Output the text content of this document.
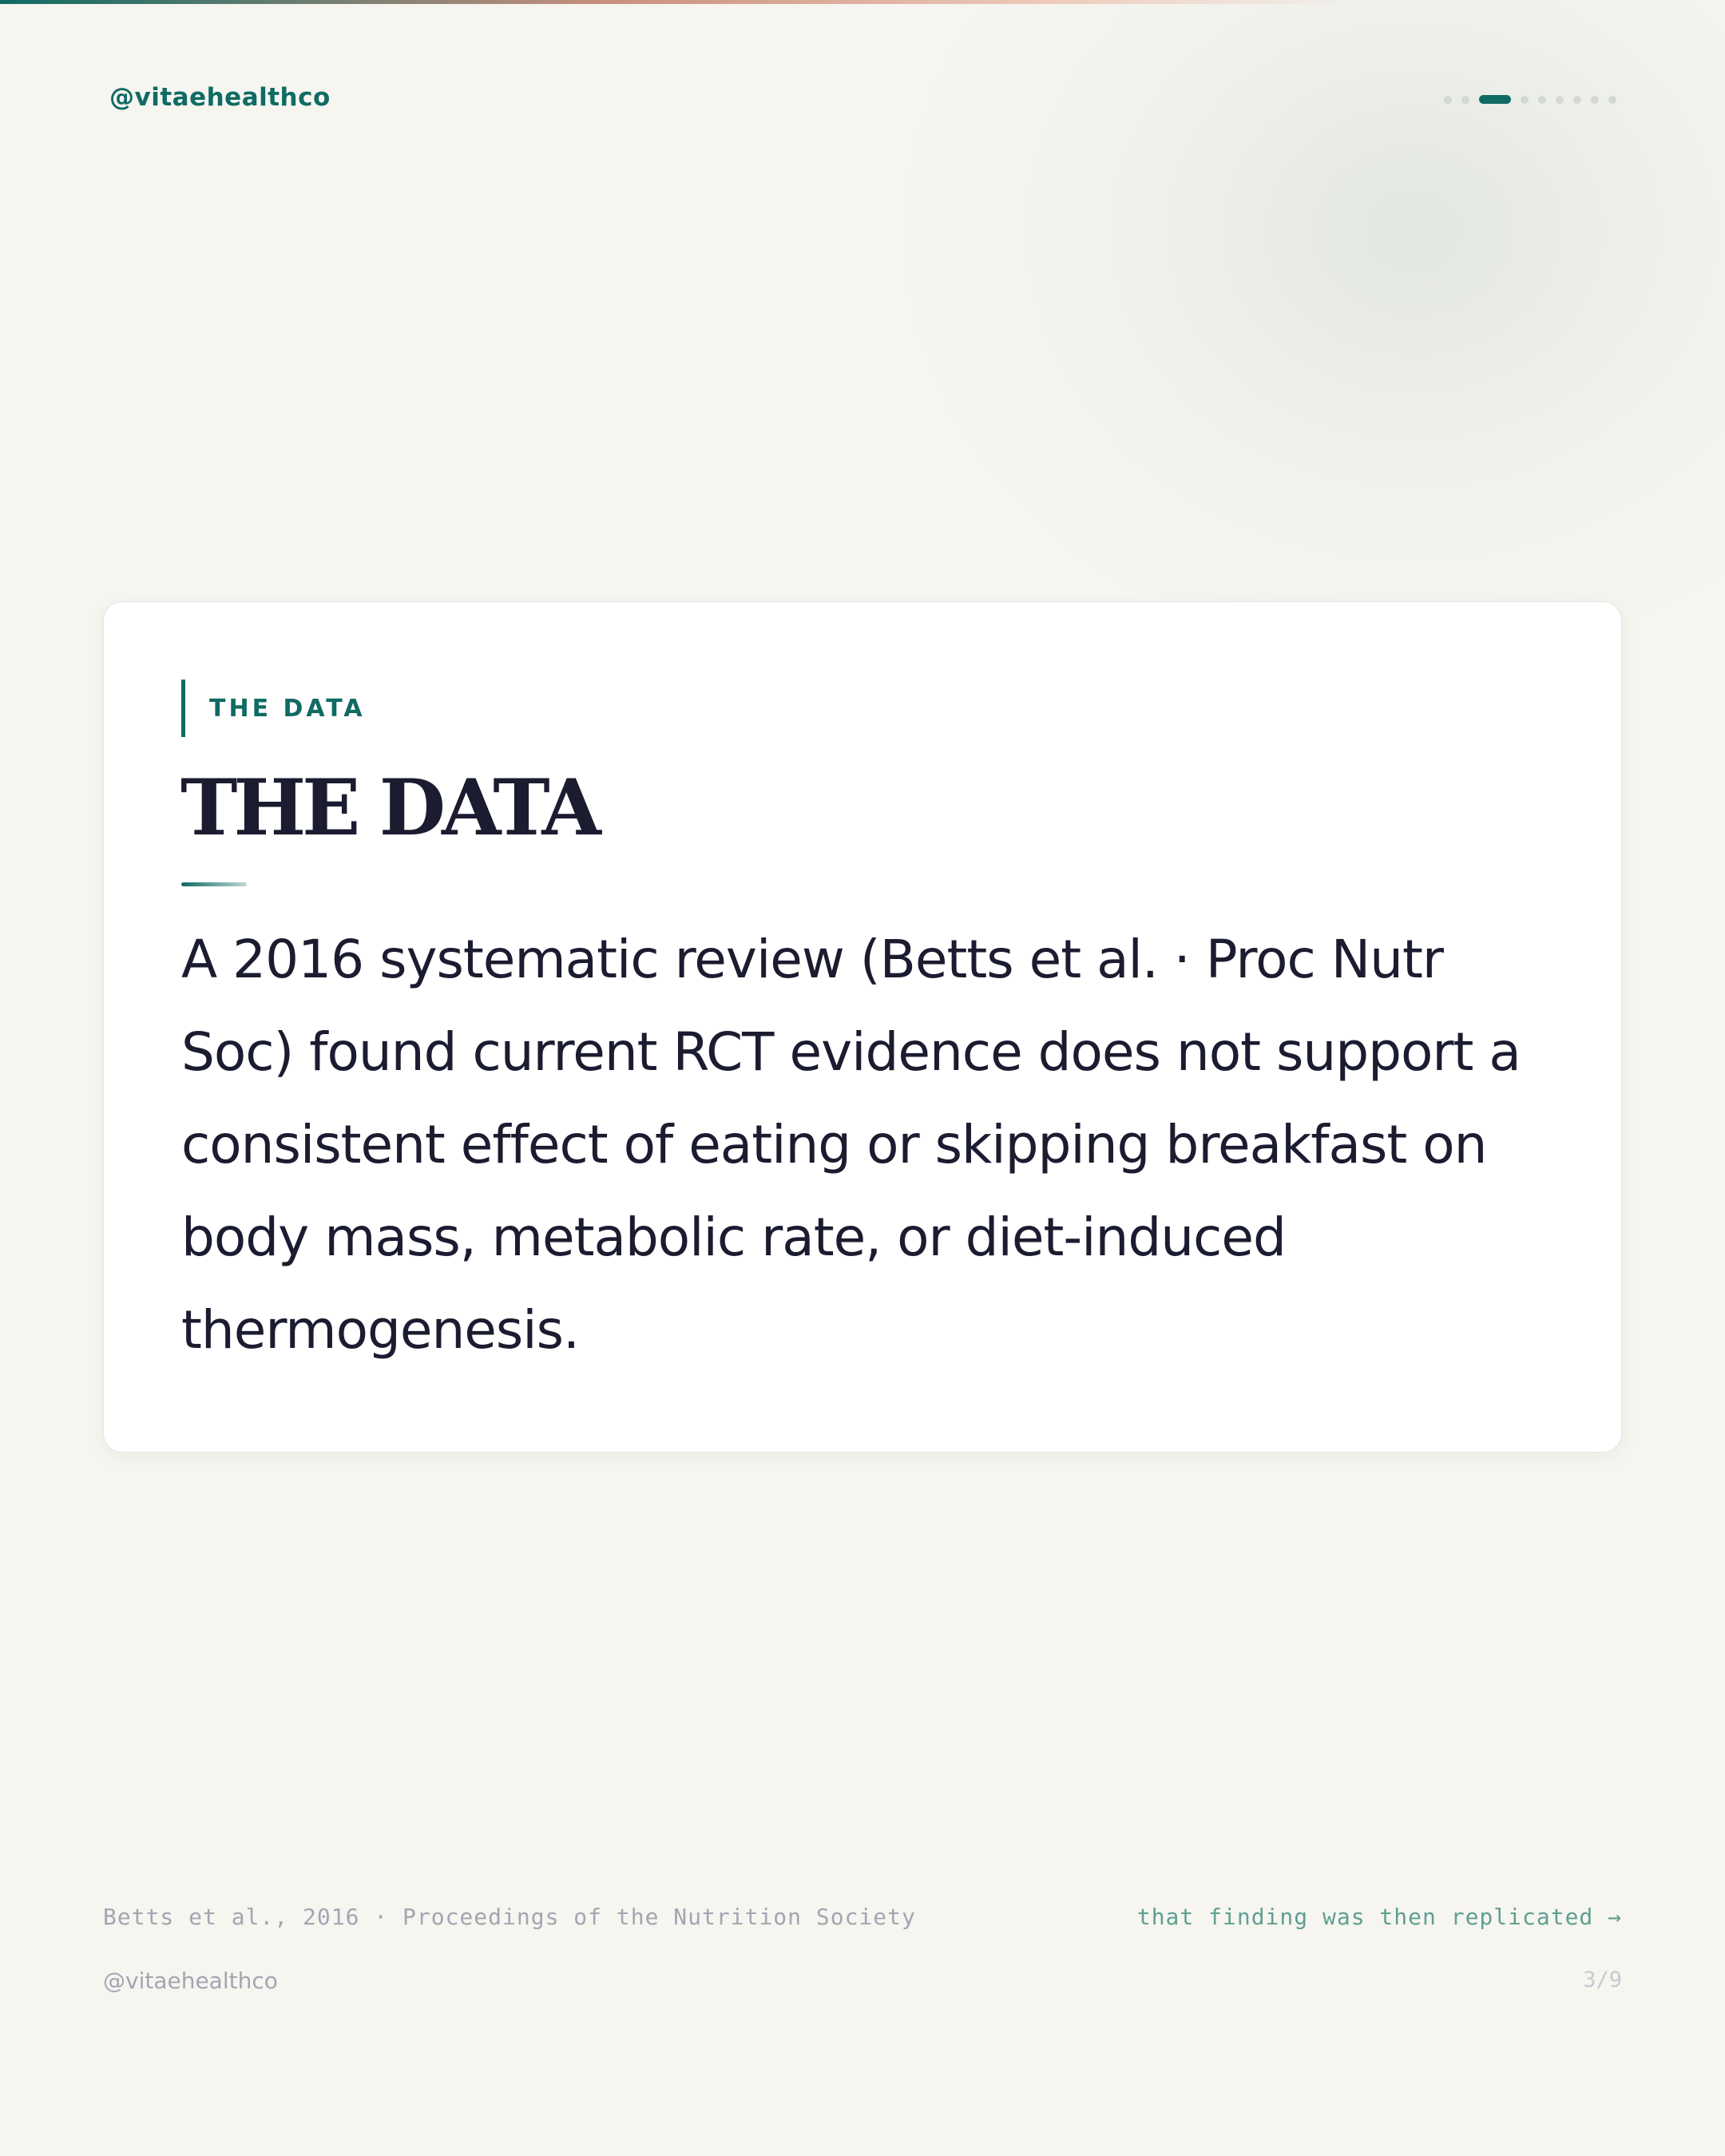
@vitaehealthco
THE DATA
THE DATA

A 2016 systematic review (Betts et al. · Proc Nutr Soc) found current RCT evidence does not support a consistent effect of eating or skipping breakfast on body mass, metabolic rate, or diet-induced thermogenesis.

Betts et al., 2016 · Proceedings of the Nutrition Society	that finding was then replicated →
@vitaehealthco	3/9
